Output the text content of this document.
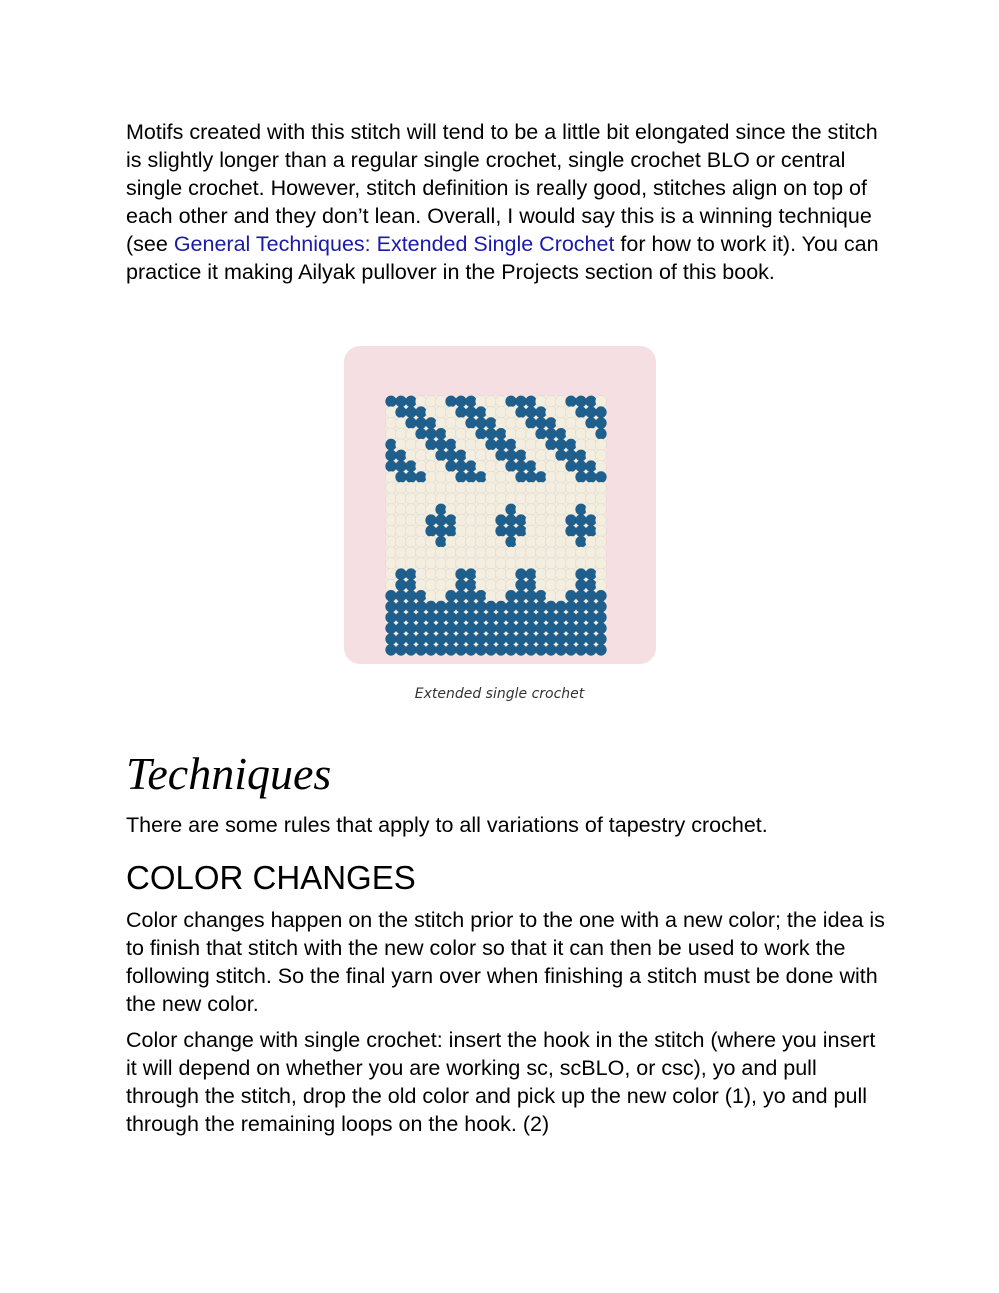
Motifs created with this stitch will tend to be a little bit elongated since the stitch is slightly longer than a regular single crochet, single crochet BLO or central single crochet. However, stitch definition is really good, stitches align on top of each other and they don’t lean. Overall, I would say this is a winning technique (see General Techniques: Extended Single Crochet for how to work it). You can practice it making Ailyak pullover in the Projects section of this book.

Extended single crochet
Techniques

There are some rules that apply to all variations of tapestry crochet.

COLOR CHANGES

Color changes happen on the stitch prior to the one with a new color; the idea is to finish that stitch with the new color so that it can then be used to work the following stitch. So the final yarn over when finishing a stitch must be done with the new color.

Color change with single crochet: insert the hook in the stitch (where you insert it will depend on whether you are working sc, scBLO, or csc), yo and pull through the stitch, drop the old color and pick up the new color (1), yo and pull through the remaining loops on the hook. (2)
